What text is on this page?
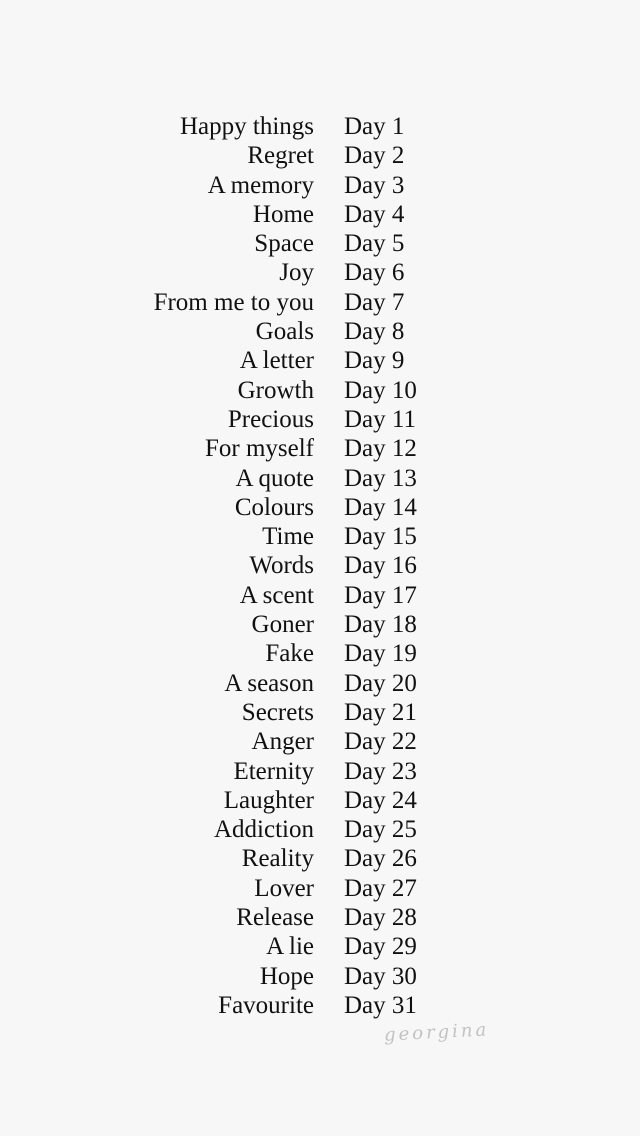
Happy things Day 1
Regret Day 2
A memory Day 3
Home Day 4
Space Day 5
Joy Day 6
From me to you Day 7
Goals Day 8
A letter Day 9
Growth Day 10
Precious Day 11
For myself Day 12
A quote Day 13
Colours Day 14
Time Day 15
Words Day 16
A scent Day 17
Goner Day 18
Fake Day 19
A season Day 20
Secrets Day 21
Anger Day 22
Eternity Day 23
Laughter Day 24
Addiction Day 25
Reality Day 26
Lover Day 27
Release Day 28
A lie Day 29
Hope Day 30
Favourite Day 31
georgina
